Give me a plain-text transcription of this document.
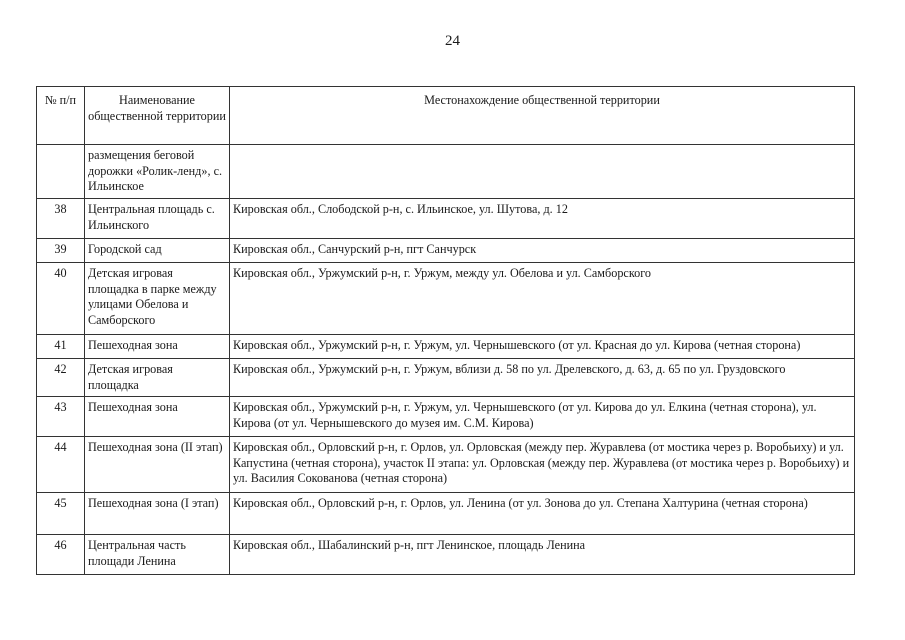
24
№ п/п	Наименование общественной территории	Местонахождение общественной территории
	размещения беговой дорожки «Ролик-ленд», с. Ильинское	
38	Центральная площадь с. Ильинского	Кировская обл., Слободской р-н, с. Ильинское, ул. Шутова, д. 12
39	Городской сад	Кировская обл., Санчурский р-н, пгт Санчурск
40	Детская игровая площадка в парке между улицами Обелова и Самборского	Кировская обл., Уржумский р-н, г. Уржум, между ул. Обелова и ул. Самборского
41	Пешеходная зона	Кировская обл., Уржумский р-н, г. Уржум, ул. Чернышевского (от ул. Красная до ул. Кирова (четная сторона)
42	Детская игровая площадка	Кировская обл., Уржумский р-н, г. Уржум, вблизи д. 58 по ул. Дрелевского, д. 63, д. 65 по ул. Груздовского
43	Пешеходная зона	Кировская обл., Уржумский р-н, г. Уржум, ул. Чернышевского (от ул. Кирова до ул. Елкина (четная сторона), ул. Кирова (от ул. Чернышевского до музея им. С.М. Кирова)
44	Пешеходная зона (II этап)	Кировская обл., Орловский р-н, г. Орлов, ул. Орловская (между пер. Журавлева (от мостика через р. Воробьиху) и ул. Капустина (четная сторона), участок II этапа: ул. Орловская (между пер. Журавлева (от мостика через р. Воробьиху) и ул. Василия Сокованова (четная сторона)
45	Пешеходная зона (I этап)	Кировская обл., Орловский р-н, г. Орлов, ул. Ленина (от ул. Зонова до ул. Степана Халтурина (четная сторона)
46	Центральная часть площади Ленина	Кировская обл., Шабалинский р-н, пгт Ленинское, площадь Ленина
